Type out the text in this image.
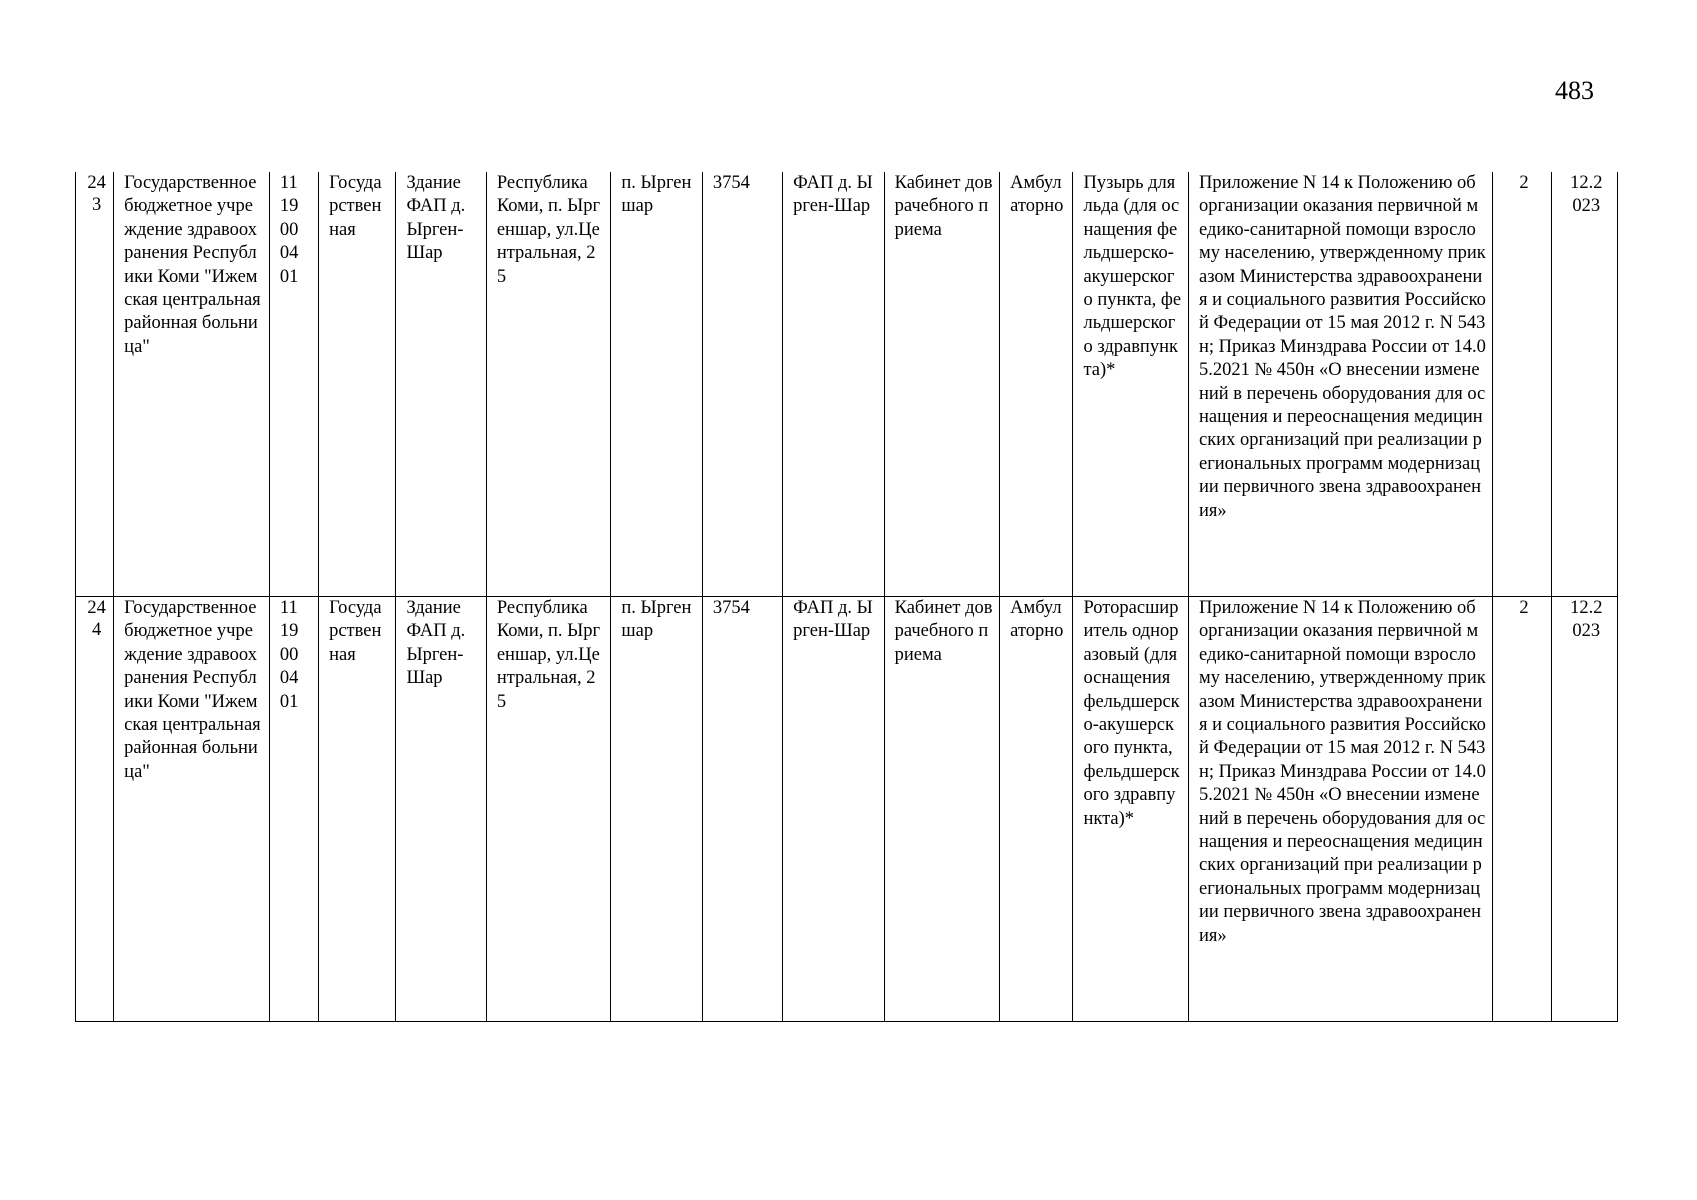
483
243	Государственное бюджетное учреждение здравоохранения Республики Коми "Ижемская центральная районная больница"	1119000401	Государственная	Здание ФАП д. Ырген-Шар	Республика Коми, п. Ыргеншар, ул.Центральная, 25	п. Ыргеншар	3754	ФАП д. Ырген-Шар	Кабинет доврачебного приема	Амбулаторно	Пузырь для льда (для оснащения фельдшерско-акушерского пункта, фельдшерского здравпункта)*	Приложение N 14 к Положению об организации оказания первичной медико-санитарной помощи взрослому населению, утвержденному приказом Министерства здравоохранения и социального развития Российской Федерации от 15 мая 2012 г. N 543н; Приказ Минздрава России от 14.05.2021 № 450н «О внесении изменений в перечень оборудования для оснащения и переоснащения медицинских организаций при реализации региональных программ модернизации первичного звена здравоохранения»	2	12.2023

244	Государственное бюджетное учреждение здравоохранения Республики Коми "Ижемская центральная районная больница"	1119000401	Государственная	Здание ФАП д. Ырген-Шар	Республика Коми, п. Ыргеншар, ул.Центральная, 25	п. Ыргеншар	3754	ФАП д. Ырген-Шар	Кабинет доврачебного приема	Амбулаторно	Роторасширитель одноразовый (для оснащения фельдшерско-акушерского пункта, фельдшерского здравпункта)*	Приложение N 14 к Положению об организации оказания первичной медико-санитарной помощи взрослому населению, утвержденному приказом Министерства здравоохранения и социального развития Российской Федерации от 15 мая 2012 г. N 543н; Приказ Минздрава России от 14.05.2021 № 450н «О внесении изменений в перечень оборудования для оснащения и переоснащения медицинских организаций при реализации региональных программ модернизации первичного звена здравоохранения»	2	12.2023
